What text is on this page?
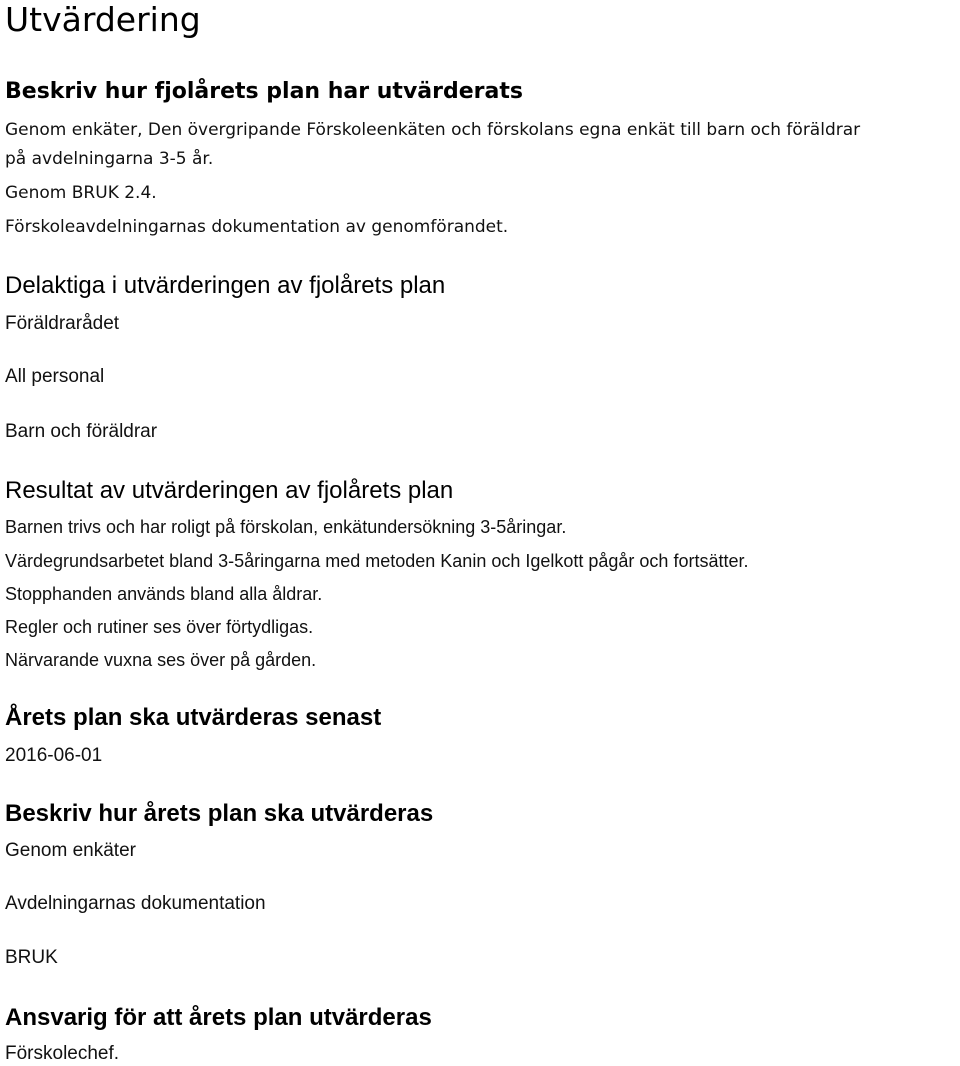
Utvärdering
Beskriv hur fjolårets plan har utvärderats

Genom enkäter, Den övergripande Förskoleenkäten och förskolans egna enkät till barn och föräldrar

på avdelningarna 3-5 år.

Genom BRUK 2.4.

Förskoleavdelningarnas dokumentation av genomförandet.

Delaktiga i utvärderingen av fjolårets plan

Föräldrarådet

All personal

Barn och föräldrar

Resultat av utvärderingen av fjolårets plan

Barnen trivs och har roligt på förskolan, enkätundersökning 3-5åringar.

Värdegrundsarbetet bland 3-5åringarna med metoden Kanin och Igelkott pågår och fortsätter.

Stopphanden används bland alla åldrar.

Regler och rutiner ses över förtydligas.

Närvarande vuxna ses över på gården.

Årets plan ska utvärderas senast

2016-06-01

Beskriv hur årets plan ska utvärderas

Genom enkäter

Avdelningarnas dokumentation

BRUK

Ansvarig för att årets plan utvärderas

Förskolechef.
